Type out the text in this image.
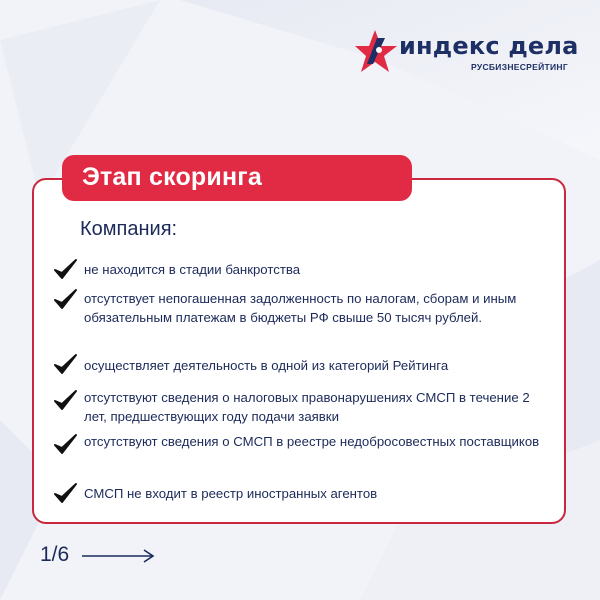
индекс дела
РУСБИЗНЕСРЕЙТИНГ
Этап скоринга
Компания:
не находится в стадии банкротства
отсутствует непогашенная задолженность по налогам, сборам и иным обязательным платежам в бюджеты РФ свыше 50 тысяч рублей.
осуществляет деятельность в одной из категорий Рейтинга
отсутствуют сведения о налоговых правонарушениях СМСП в течение 2 лет, предшествующих году подачи заявки
отсутствуют сведения о СМСП в реестре недобросовестных поставщиков
СМСП не входит в реестр иностранных агентов
1/6
